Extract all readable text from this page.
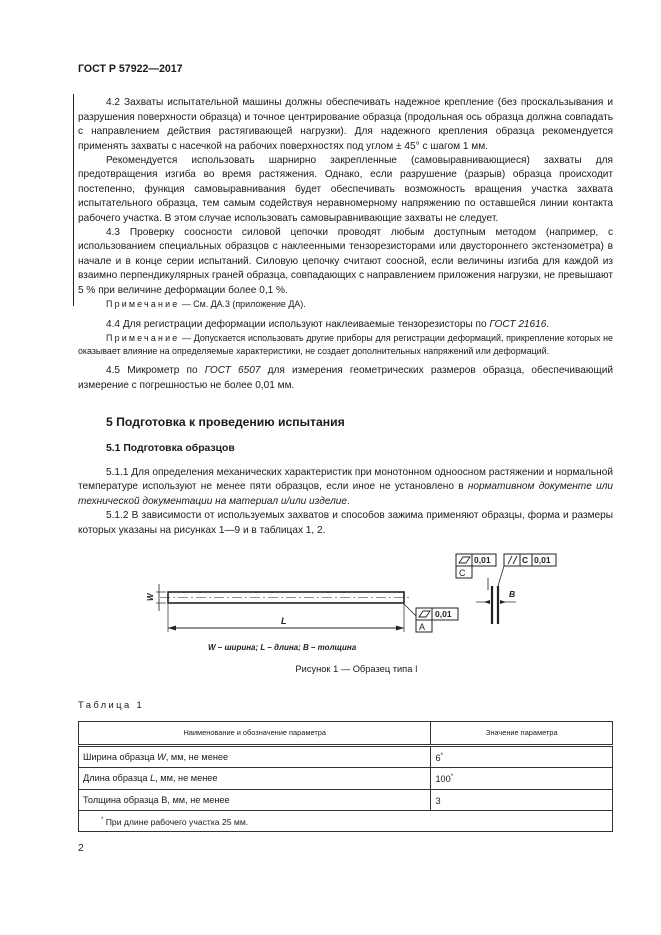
ГОСТ Р 57922—2017

4.2 Захваты испытательной машины должны обеспечивать надежное крепление (без проскальзывания и разрушения поверхности образца) и точное центрирование образца (продольная ось образца должна совпадать с направлением действия растягивающей нагрузки). Для надежного крепления образца рекомендуется применять захваты с насечкой на рабочих поверхностях под углом ± 45° с шагом 1 мм.

Рекомендуется использовать шарнирно закрепленные (самовыравнивающиеся) захваты для предотвращения изгиба во время растяжения. Однако, если разрушение (разрыв) образца происходит постепенно, функция самовыравнивания будет обеспечивать возможность вращения участка захвата испытательного образца, тем самым содействуя неравномерному напряжению по оставшейся линии контакта рабочего участка. В этом случае использовать самовыравнивающие захваты не следует.

4.3 Проверку соосности силовой цепочки проводят любым доступным методом (например, с использованием специальных образцов с наклеенными тензорезисторами или двустороннего экстензометра) в начале и в конце серии испытаний. Силовую цепочку считают соосной, если величины изгиба для каждой из взаимно перпендикулярных граней образца, совпадающих с направлением приложения нагрузки, не превышают 5 % при величине деформации более 0,1 %.

Примечание — См. ДА.3 (приложение ДА).

4.4 Для регистрации деформации используют наклеиваемые тензорезисторы по ГОСТ 21616.

Примечание — Допускается использовать другие приборы для регистрации деформаций, прикрепление которых не оказывает влияние на определяемые характеристики, не создает дополнительных напряжений или деформаций.

4.5 Микрометр по ГОСТ 6507 для измерения геометрических размеров образца, обеспечивающий измерение с погрешностью не более 0,01 мм.

5 Подготовка к проведению испытания
5.1 Подготовка образцов

5.1.1 Для определения механических характеристик при монотонном одноосном растяжении и нормальной температуре используют не менее пяти образцов, если иное не установлено в нормативном документе или технической документации на материал и/или изделие.

5.1.2 В зависимости от используемых захватов и способов зажима применяют образцы, форма и размеры которых указаны на рисунках 1—9 и в таблицах 1, 2.

W
L
0,01
A
B
0,01
C
C 0,01
W – ширина; L – длина; B – толщина

Рисунок 1 — Образец типа I

Таблица 1
Наименование и обозначение параметра	Значение параметра
Ширина образца W, мм, не менее	6*
Длина образца L, мм, не менее	100*
Толщина образца В, мм, не менее	3
* При длине рабочего участка 25 мм.	
2
